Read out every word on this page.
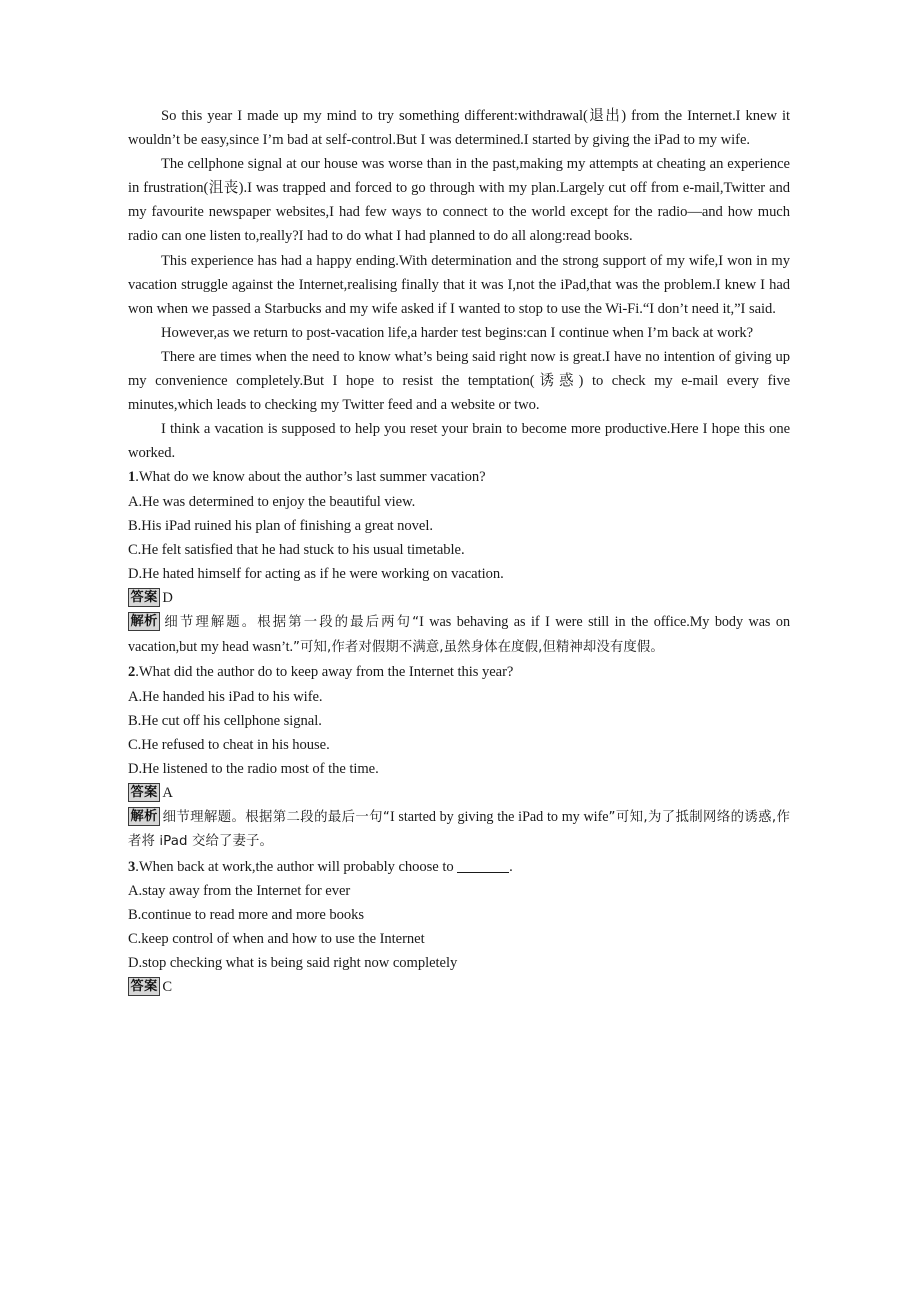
So this year I made up my mind to try something different:withdrawal(退出) from the Internet.I knew it wouldn’t be easy,since I’m bad at self-control.But I was determined.I started by giving the iPad to my wife.

The cellphone signal at our house was worse than in the past,making my attempts at cheating an experience in frustration(沮丧).I was trapped and forced to go through with my plan.Largely cut off from e-mail,Twitter and my favourite newspaper websites,I had few ways to connect to the world except for the radio—and how much radio can one listen to,really?I had to do what I had planned to do all along:read books.

This experience has had a happy ending.With determination and the strong support of my wife,I won in my vacation struggle against the Internet,realising finally that it was I,not the iPad,that was the problem.I knew I had won when we passed a Starbucks and my wife asked if I wanted to stop to use the Wi-Fi.“I don’t need it,”I said.

However,as we return to post-vacation life,a harder test begins:can I continue when I’m back at work?

There are times when the need to know what’s being said right now is great.I have no intention of giving up my convenience completely.But I hope to resist the temptation(诱惑) to check my e-mail every five minutes,which leads to checking my Twitter feed and a website or two.

I think a vacation is supposed to help you reset your brain to become more productive.Here I hope this one worked.

1.What do we know about the author’s last summer vacation?

A.He was determined to enjoy the beautiful view.

B.His iPad ruined his plan of finishing a great novel.

C.He felt satisfied that he had stuck to his usual timetable.

D.He hated himself for acting as if he were working on vacation.

答案 D

解析 细节理解题。根据第一段的最后两句“I was behaving as if I were still in the office.My body was on vacation,but my head wasn’t.”可知,作者对假期不满意,虽然身体在度假,但精神却没有度假。

2.What did the author do to keep away from the Internet this year?

A.He handed his iPad to his wife.

B.He cut off his cellphone signal.

C.He refused to cheat in his house.

D.He listened to the radio most of the time.

答案 A

解析 细节理解题。根据第二段的最后一句“I started by giving the iPad to my wife”可知,为了抵制网络的诱惑,作者将 iPad 交给了妻子。

3.When back at work,the author will probably choose to	.

A.stay away from the Internet for ever

B.continue to read more and more books

C.keep control of when and how to use the Internet

D.stop checking what is being said right now completely

答案 C
